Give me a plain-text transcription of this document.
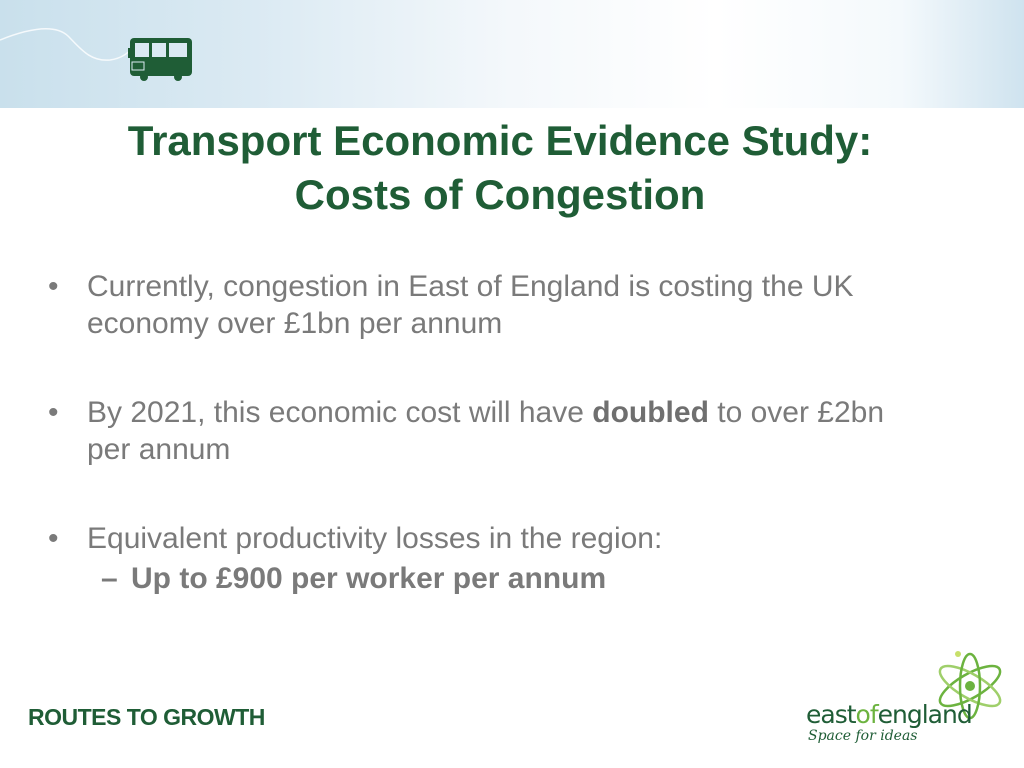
Transport Economic Evidence Study:
Costs of Congestion
• Currently, congestion in East of England is costing the UK economy over £1bn per annum
• By 2021, this economic cost will have doubled to over £2bn per annum
• Equivalent productivity losses in the region:
– Up to £900 per worker per annum
ROUTES TO GROWTH	eastofengland
Space for ideas
